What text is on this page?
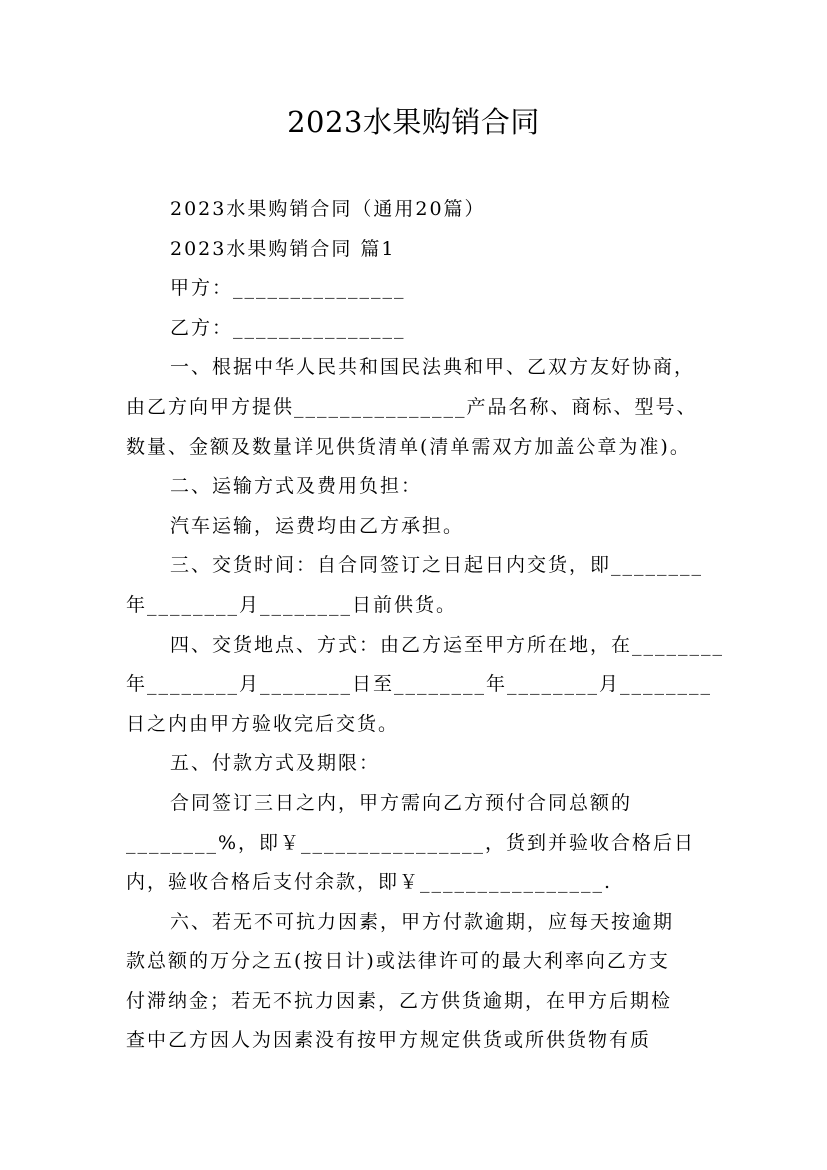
2023水果购销合同
2023水果购销合同（通用20篇）
2023水果购销合同 篇1
甲方：_______________
乙方：_______________
一、根据中华人民共和国民法典和甲、乙双方友好协商，
由乙方向甲方提供_______________产品名称、商标、型号、
数量、金额及数量详见供货清单(清单需双方加盖公章为准)。
二、运输方式及费用负担：
汽车运输，运费均由乙方承担。
三、交货时间：自合同签订之日起日内交货，即________
年________月________日前供货。
四、交货地点、方式：由乙方运至甲方所在地，在________
年________月________日至________年________月________
日之内由甲方验收完后交货。
五、付款方式及期限：
合同签订三日之内，甲方需向乙方预付合同总额的
________%，即￥________________，货到并验收合格后日
内，验收合格后支付余款，即￥________________.
六、若无不可抗力因素，甲方付款逾期，应每天按逾期
款总额的万分之五(按日计)或法律许可的最大利率向乙方支
付滞纳金；若无不抗力因素，乙方供货逾期，在甲方后期检
查中乙方因人为因素没有按甲方规定供货或所供货物有质
